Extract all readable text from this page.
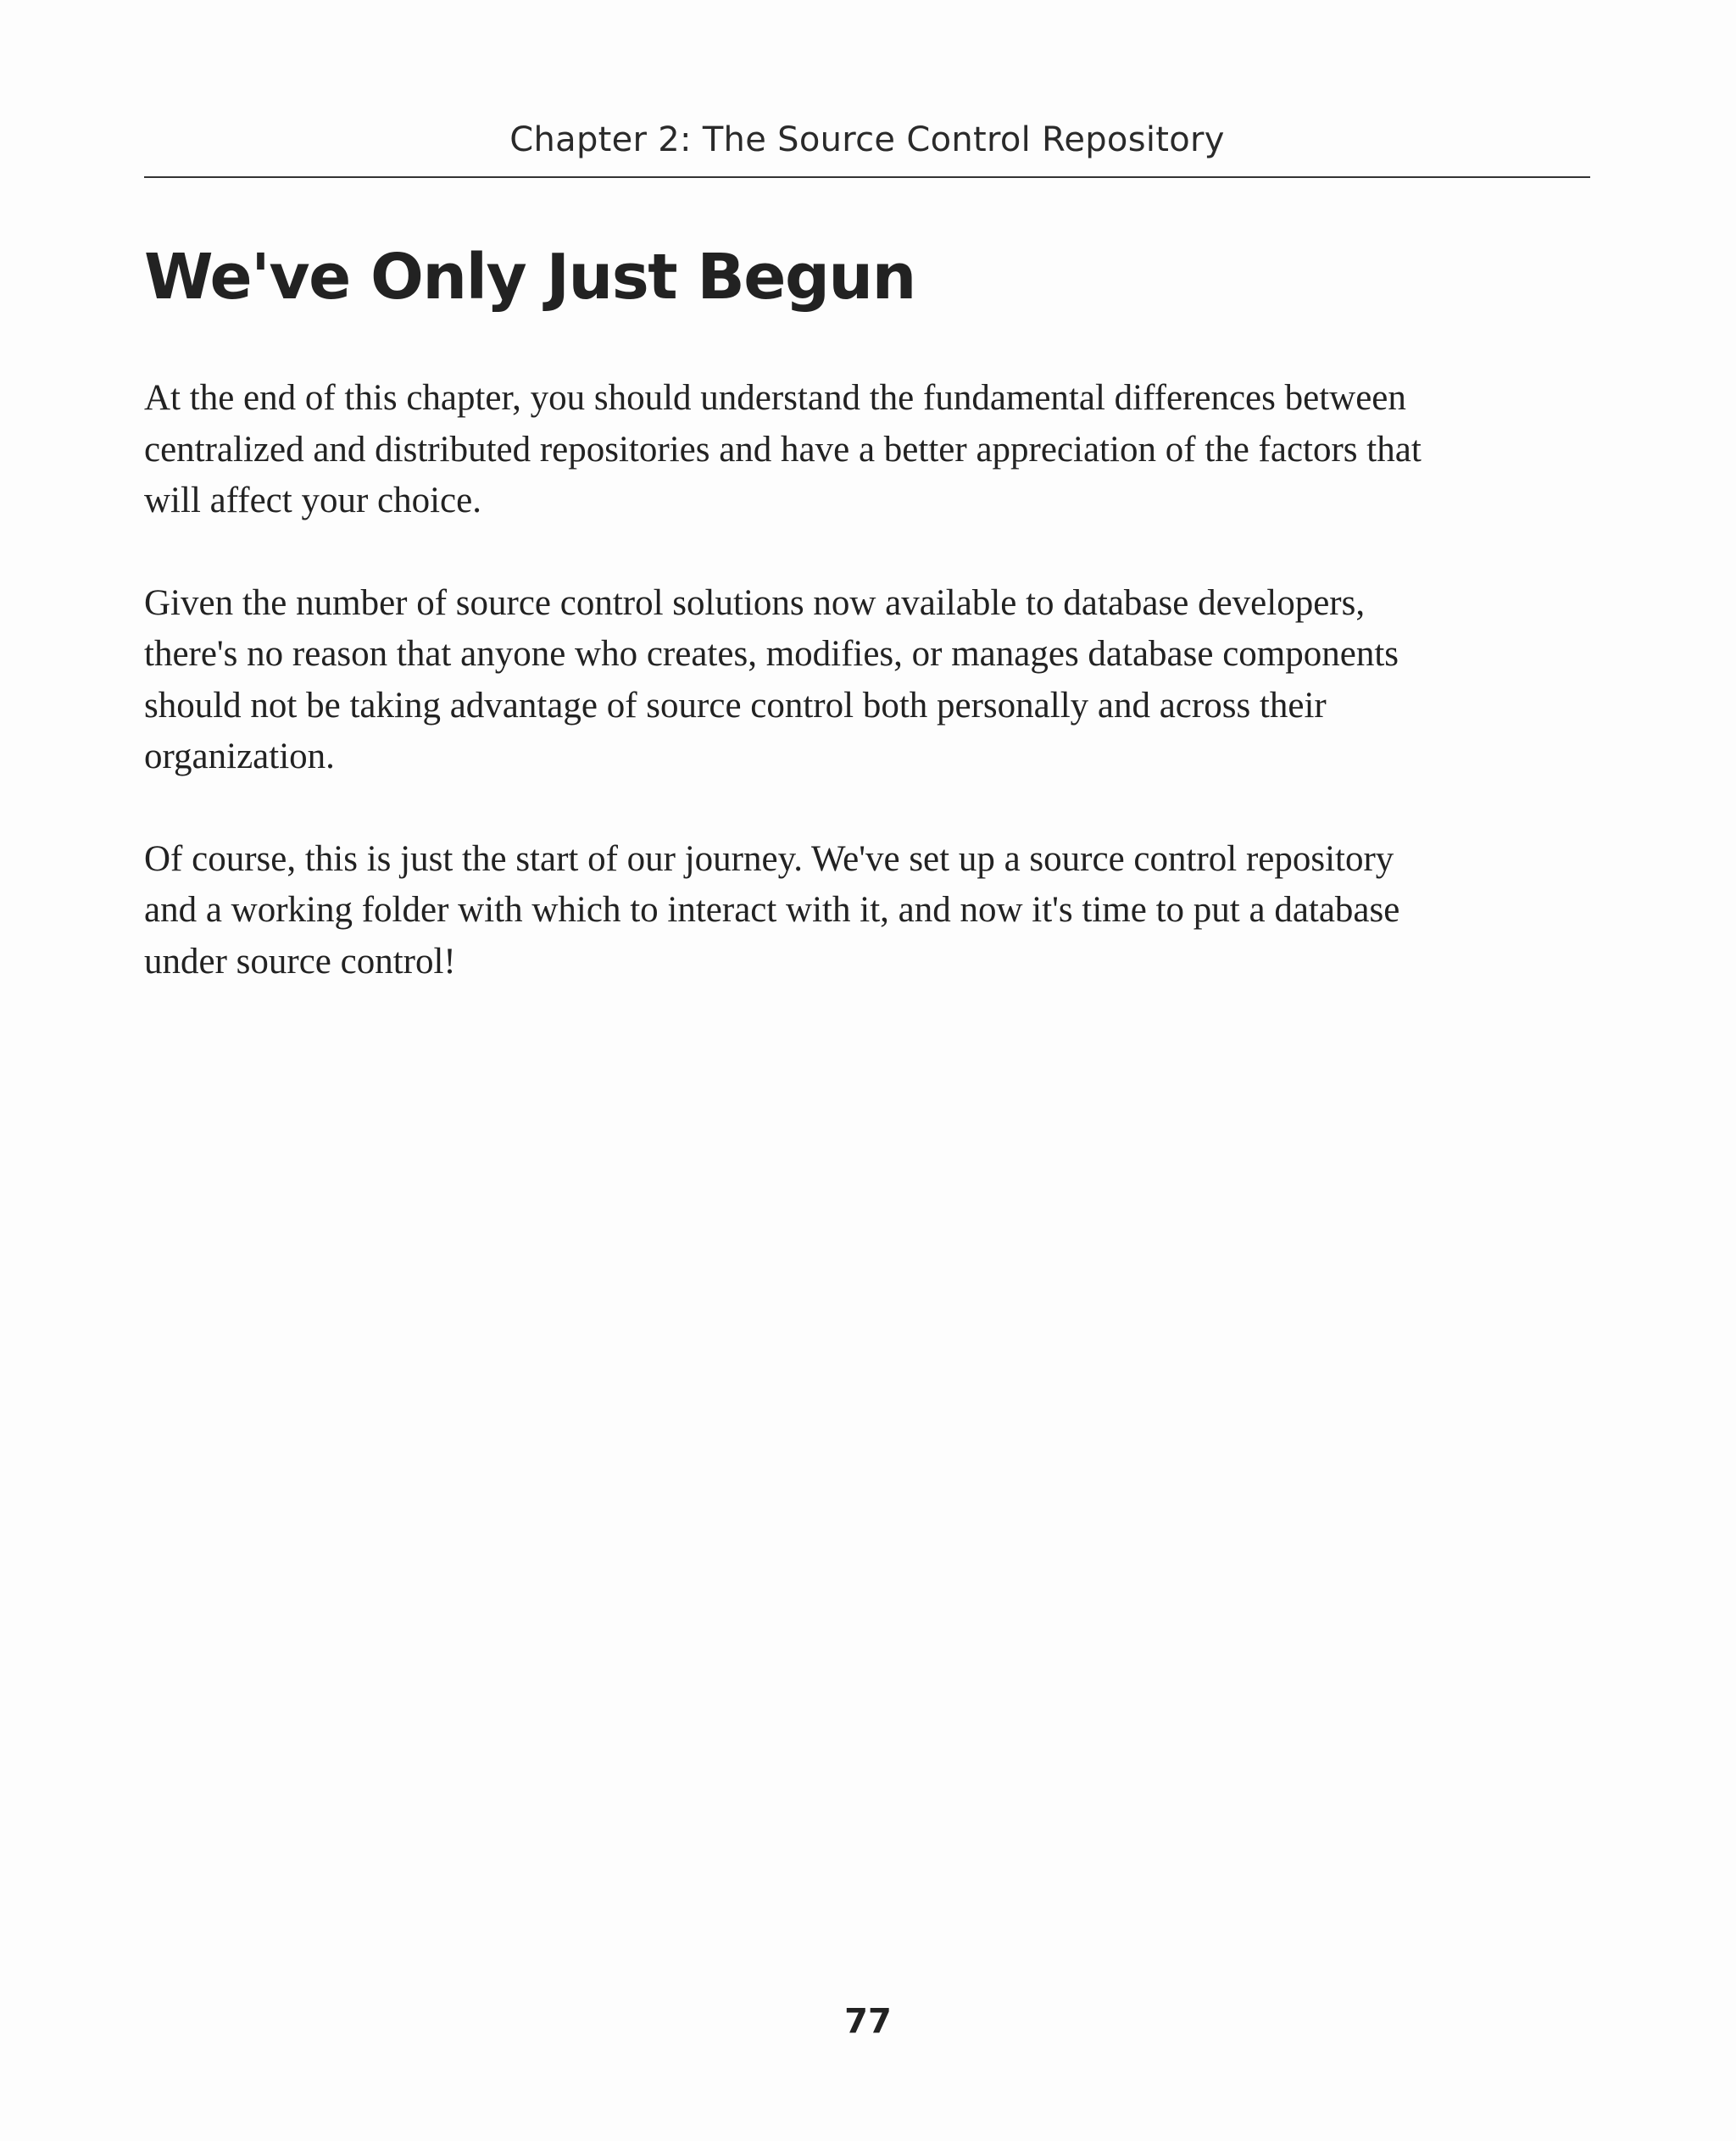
Chapter 2: The Source Control Repository
We've Only Just Begun

At the end of this chapter, you should understand the fundamental differences between
centralized and distributed repositories and have a better appreciation of the factors that
will affect your choice.

Given the number of source control solutions now available to database developers,
there's no reason that anyone who creates, modifies, or manages database components
should not be taking advantage of source control both personally and across their
organization.

Of course, this is just the start of our journey. We've set up a source control repository
and a working folder with which to interact with it, and now it's time to put a database
under source control!

77
